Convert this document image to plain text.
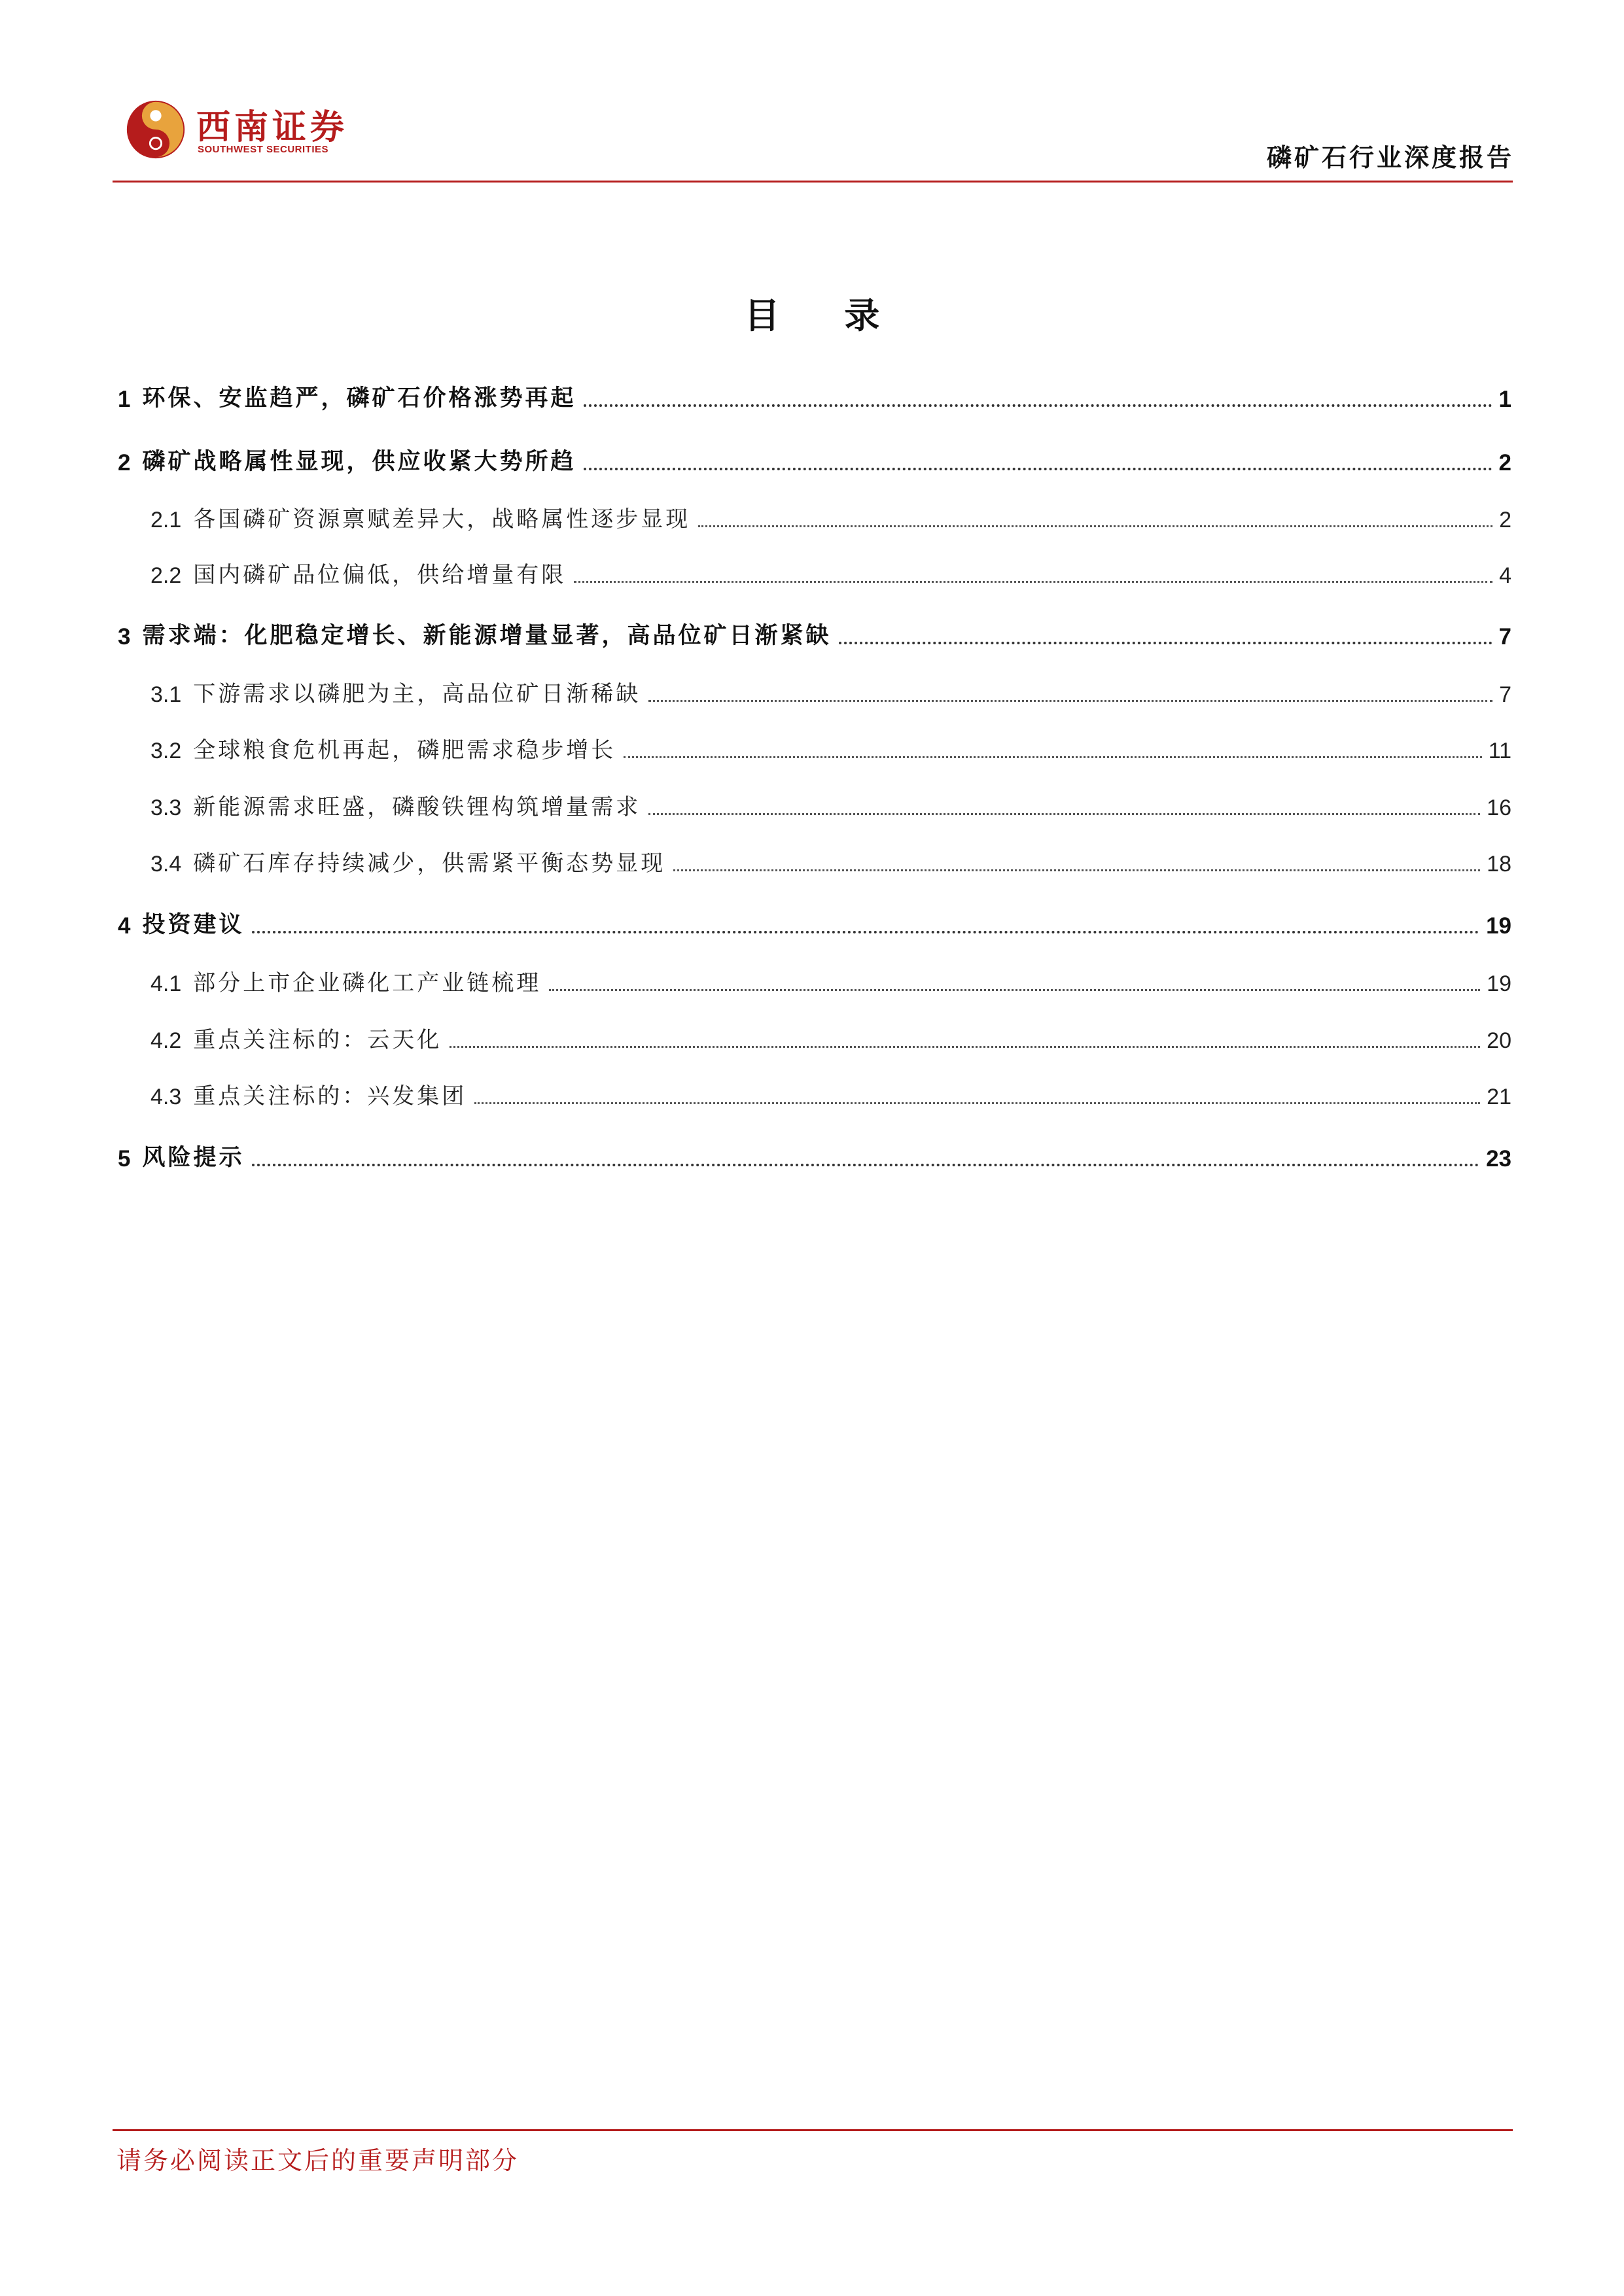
西南证券
SOUTHWEST SECURITIES	磷矿石行业深度报告
目 录
1 环保、安监趋严，磷矿石价格涨势再起	1
2 磷矿战略属性显现，供应收紧大势所趋	2
2.1 各国磷矿资源禀赋差异大，战略属性逐步显现	2
2.2 国内磷矿品位偏低，供给增量有限	4
3 需求端：化肥稳定增长、新能源增量显著，高品位矿日渐紧缺	7
3.1 下游需求以磷肥为主，高品位矿日渐稀缺	7
3.2 全球粮食危机再起，磷肥需求稳步增长	11
3.3 新能源需求旺盛，磷酸铁锂构筑增量需求	16
3.4 磷矿石库存持续减少，供需紧平衡态势显现	18
4 投资建议	19
4.1 部分上市企业磷化工产业链梳理	19
4.2 重点关注标的：云天化	20
4.3 重点关注标的：兴发集团	21
5 风险提示	23
请务必阅读正文后的重要声明部分
